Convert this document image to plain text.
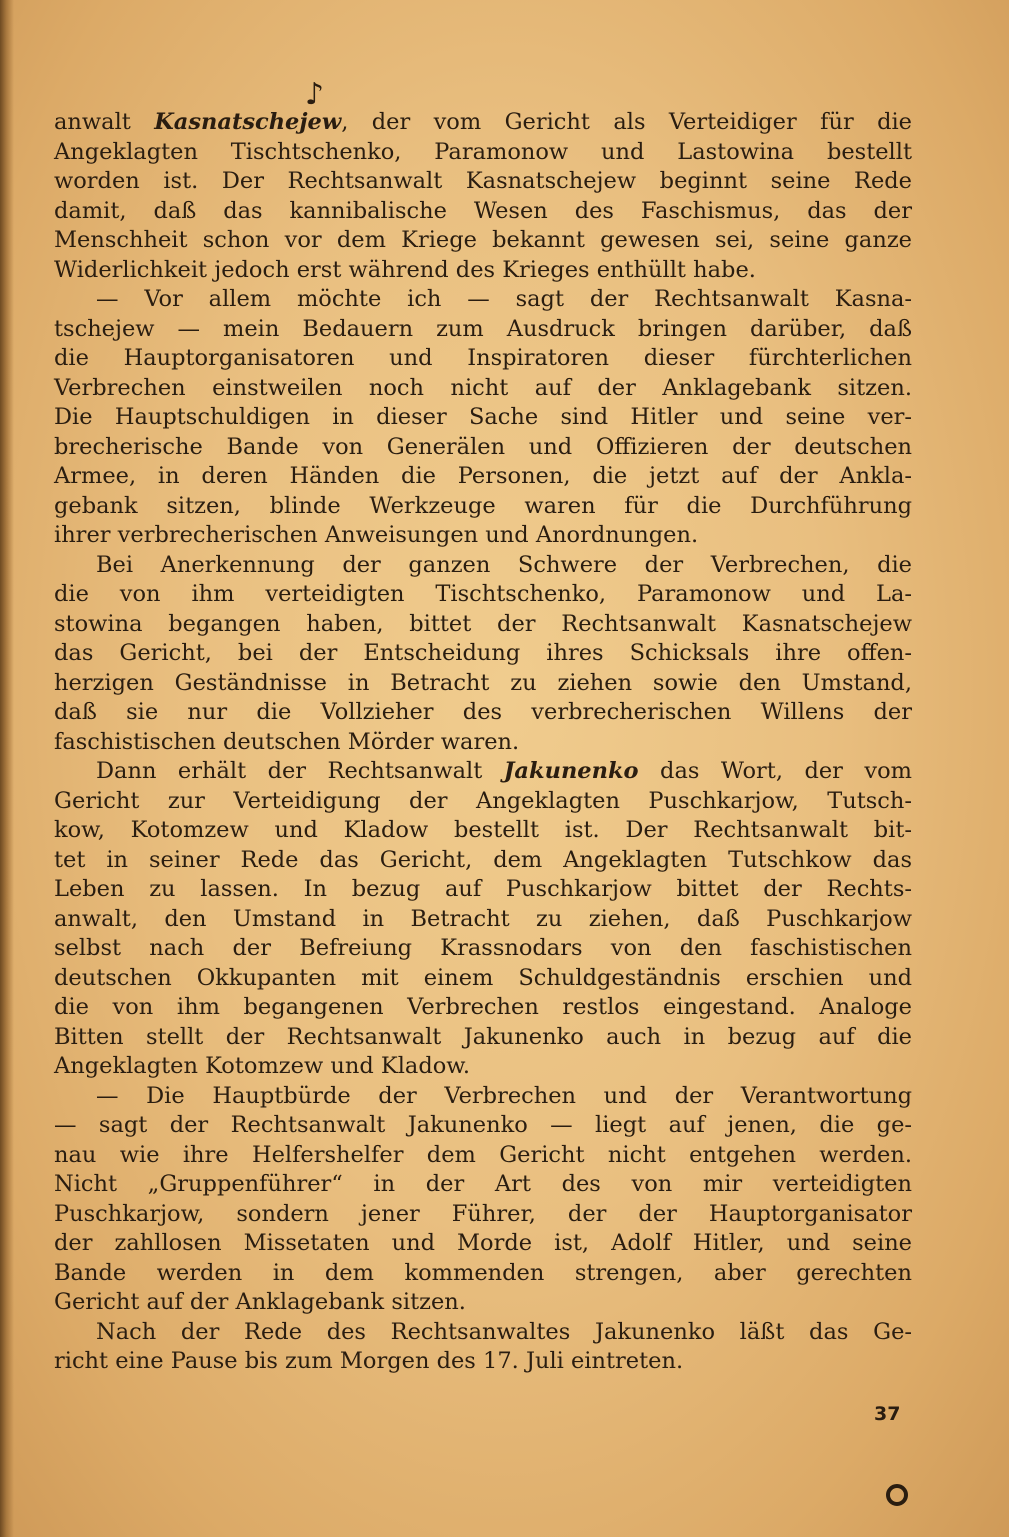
♪
anwalt Kasnatschejew, der vom Gericht als Verteidiger für die
Angeklagten Tischtschenko, Paramonow und Lastowina bestellt
worden ist. Der Rechtsanwalt Kasnatschejew beginnt seine Rede
damit, daß das kannibalische Wesen des Faschismus, das der
Menschheit schon vor dem Kriege bekannt gewesen sei, seine ganze
Widerlichkeit jedoch erst während des Krieges enthüllt habe.
— Vor allem möchte ich — sagt der Rechtsanwalt Kasna-
tschejew — mein Bedauern zum Ausdruck bringen darüber, daß
die Hauptorganisatoren und Inspiratoren dieser fürchterlichen
Verbrechen einstweilen noch nicht auf der Anklagebank sitzen.
Die Hauptschuldigen in dieser Sache sind Hitler und seine ver-
brecherische Bande von Generälen und Offizieren der deutschen
Armee, in deren Händen die Personen, die jetzt auf der Ankla-
gebank sitzen, blinde Werkzeuge waren für die Durchführung
ihrer verbrecherischen Anweisungen und Anordnungen.
Bei Anerkennung der ganzen Schwere der Verbrechen, die
die von ihm verteidigten Tischtschenko, Paramonow und La-
stowina begangen haben, bittet der Rechtsanwalt Kasnatschejew
das Gericht, bei der Entscheidung ihres Schicksals ihre offen-
herzigen Geständnisse in Betracht zu ziehen sowie den Umstand,
daß sie nur die Vollzieher des verbrecherischen Willens der
faschistischen deutschen Mörder waren.
Dann erhält der Rechtsanwalt Jakunenko das Wort, der vom
Gericht zur Verteidigung der Angeklagten Puschkarjow, Tutsch-
kow, Kotomzew und Kladow bestellt ist. Der Rechtsanwalt bit-
tet in seiner Rede das Gericht, dem Angeklagten Tutschkow das
Leben zu lassen. In bezug auf Puschkarjow bittet der Rechts-
anwalt, den Umstand in Betracht zu ziehen, daß Puschkarjow
selbst nach der Befreiung Krassnodars von den faschistischen
deutschen Okkupanten mit einem Schuldgeständnis erschien und
die von ihm begangenen Verbrechen restlos eingestand. Analoge
Bitten stellt der Rechtsanwalt Jakunenko auch in bezug auf die
Angeklagten Kotomzew und Kladow.
— Die Hauptbürde der Verbrechen und der Verantwortung
— sagt der Rechtsanwalt Jakunenko — liegt auf jenen, die ge-
nau wie ihre Helfershelfer dem Gericht nicht entgehen werden.
Nicht „Gruppenführer“ in der Art des von mir verteidigten
Puschkarjow, sondern jener Führer, der der Hauptorganisator
der zahllosen Missetaten und Morde ist, Adolf Hitler, und seine
Bande werden in dem kommenden strengen, aber gerechten
Gericht auf der Anklagebank sitzen.
Nach der Rede des Rechtsanwaltes Jakunenko läßt das Ge-
richt eine Pause bis zum Morgen des 17. Juli eintreten.
37
